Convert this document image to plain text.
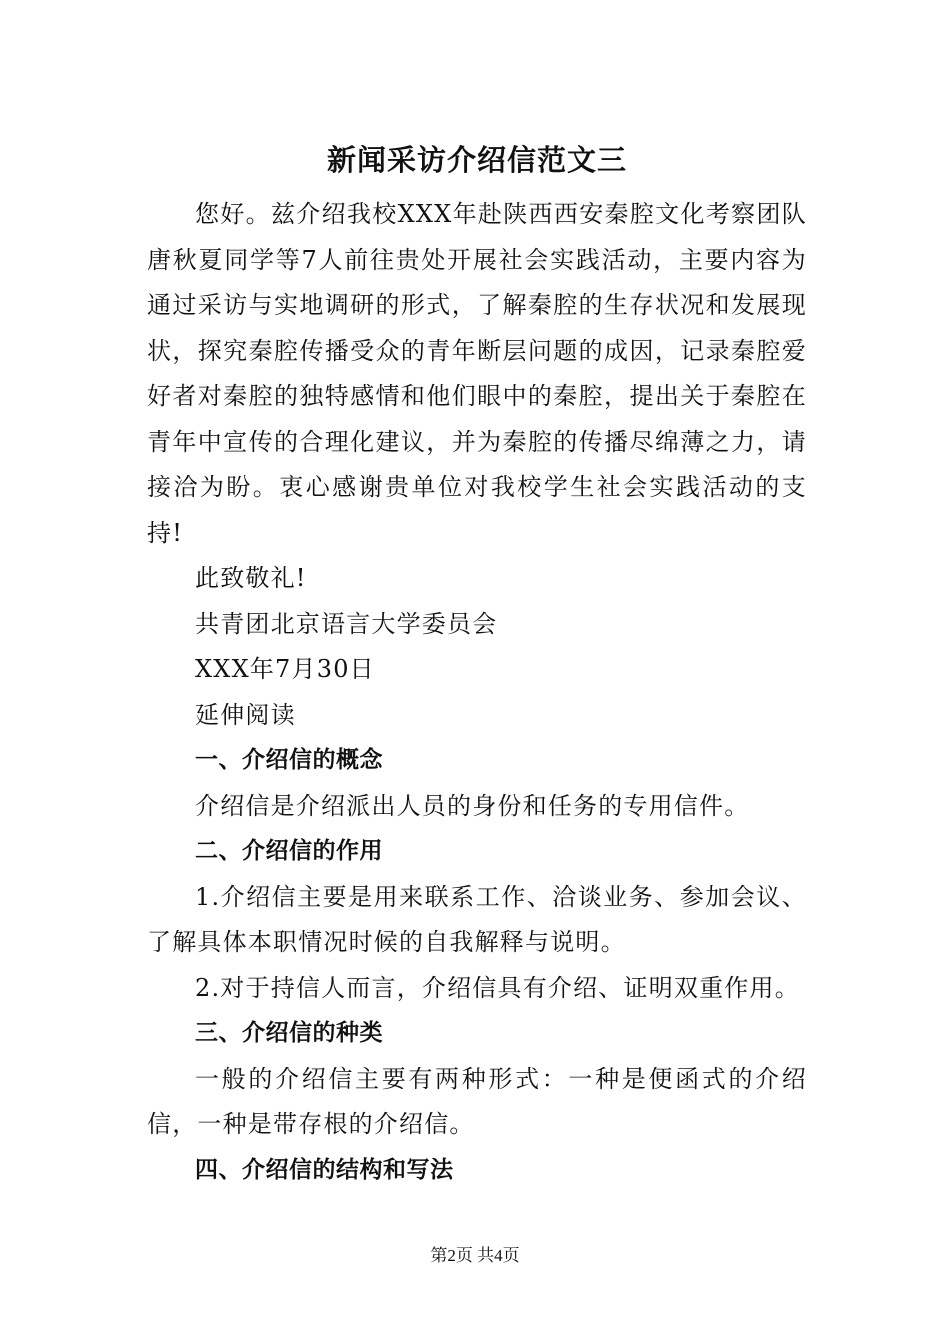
新闻采访介绍信范文三

您好。兹介绍我校XXX年赴陕西西安秦腔文化考察团队唐秋夏同学等7人前往贵处开展社会实践活动，主要内容为通过采访与实地调研的形式，了解秦腔的生存状况和发展现状，探究秦腔传播受众的青年断层问题的成因，记录秦腔爱好者对秦腔的独特感情和他们眼中的秦腔，提出关于秦腔在青年中宣传的合理化建议，并为秦腔的传播尽绵薄之力，请接洽为盼。衷心感谢贵单位对我校学生社会实践活动的支持!

此致敬礼!

共青团北京语言大学委员会

XXX年7月30日

延伸阅读

一、介绍信的概念

介绍信是介绍派出人员的身份和任务的专用信件。

二、介绍信的作用

1.介绍信主要是用来联系工作、洽谈业务、参加会议、了解具体本职情况时候的自我解释与说明。

2.对于持信人而言，介绍信具有介绍、证明双重作用。

三、介绍信的种类

一般的介绍信主要有两种形式：一种是便函式的介绍信，一种是带存根的介绍信。

四、介绍信的结构和写法
第2页 共4页
